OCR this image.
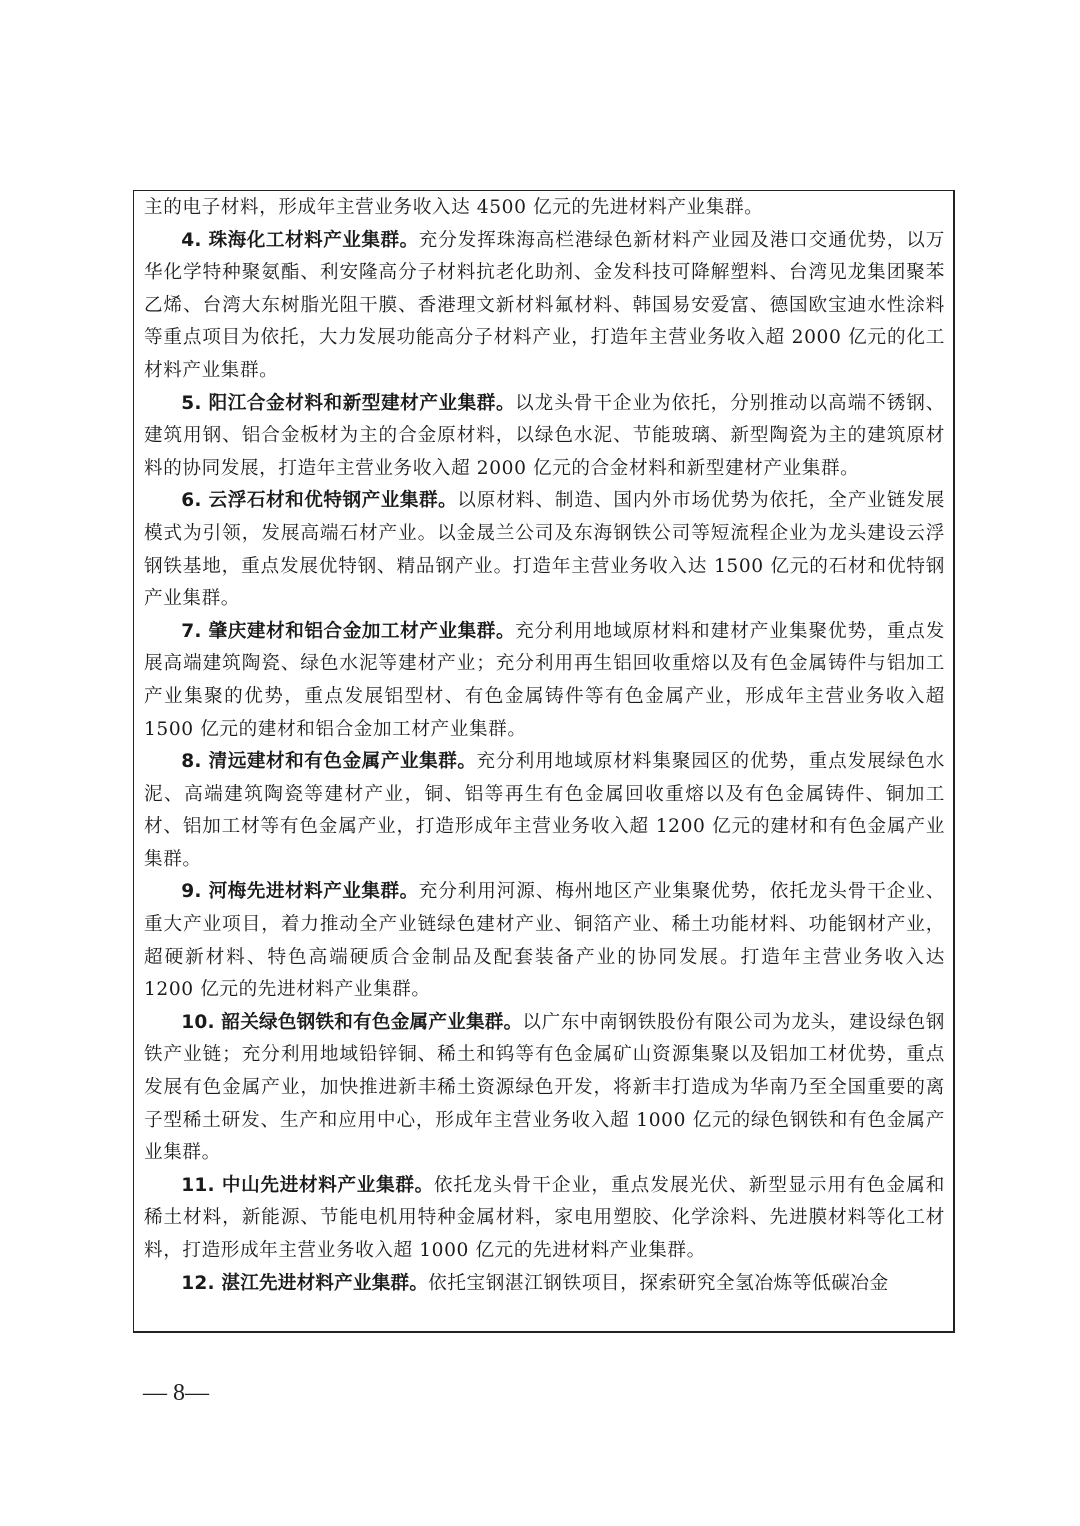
主的电子材料，形成年主营业务收入达 4500 亿元的先进材料产业集群。

4. 珠海化工材料产业集群。充分发挥珠海高栏港绿色新材料产业园及港口交通优势，以万华化学特种聚氨酯、利安隆高分子材料抗老化助剂、金发科技可降解塑料、台湾见龙集团聚苯乙烯、台湾大东树脂光阻干膜、香港理文新材料氟材料、韩国易安爱富、德国欧宝迪水性涂料等重点项目为依托，大力发展功能高分子材料产业，打造年主营业务收入超 2000 亿元的化工材料产业集群。

5. 阳江合金材料和新型建材产业集群。以龙头骨干企业为依托，分别推动以高端不锈钢、建筑用钢、铝合金板材为主的合金原材料，以绿色水泥、节能玻璃、新型陶瓷为主的建筑原材料的协同发展，打造年主营业务收入超 2000 亿元的合金材料和新型建材产业集群。

6. 云浮石材和优特钢产业集群。以原材料、制造、国内外市场优势为依托，全产业链发展模式为引领，发展高端石材产业。以金晟兰公司及东海钢铁公司等短流程企业为龙头建设云浮钢铁基地，重点发展优特钢、精品钢产业。打造年主营业务收入达 1500 亿元的石材和优特钢产业集群。

7. 肇庆建材和铝合金加工材产业集群。充分利用地域原材料和建材产业集聚优势，重点发展高端建筑陶瓷、绿色水泥等建材产业；充分利用再生铝回收重熔以及有色金属铸件与铝加工产业集聚的优势，重点发展铝型材、有色金属铸件等有色金属产业，形成年主营业务收入超 1500 亿元的建材和铝合金加工材产业集群。

8. 清远建材和有色金属产业集群。充分利用地域原材料集聚园区的优势，重点发展绿色水泥、高端建筑陶瓷等建材产业，铜、铝等再生有色金属回收重熔以及有色金属铸件、铜加工材、铝加工材等有色金属产业，打造形成年主营业务收入超 1200 亿元的建材和有色金属产业集群。

9. 河梅先进材料产业集群。充分利用河源、梅州地区产业集聚优势，依托龙头骨干企业、重大产业项目，着力推动全产业链绿色建材产业、铜箔产业、稀土功能材料、功能钢材产业，超硬新材料、特色高端硬质合金制品及配套装备产业的协同发展。打造年主营业务收入达 1200 亿元的先进材料产业集群。

10. 韶关绿色钢铁和有色金属产业集群。以广东中南钢铁股份有限公司为龙头，建设绿色钢铁产业链；充分利用地域铅锌铜、稀土和钨等有色金属矿山资源集聚以及铝加工材优势，重点发展有色金属产业，加快推进新丰稀土资源绿色开发，将新丰打造成为华南乃至全国重要的离子型稀土研发、生产和应用中心，形成年主营业务收入超 1000 亿元的绿色钢铁和有色金属产业集群。

11. 中山先进材料产业集群。依托龙头骨干企业，重点发展光伏、新型显示用有色金属和稀土材料，新能源、节能电机用特种金属材料，家电用塑胶、化学涂料、先进膜材料等化工材料，打造形成年主营业务收入超 1000 亿元的先进材料产业集群。

12. 湛江先进材料产业集群。依托宝钢湛江钢铁项目，探索研究全氢冶炼等低碳冶金

— 8—
